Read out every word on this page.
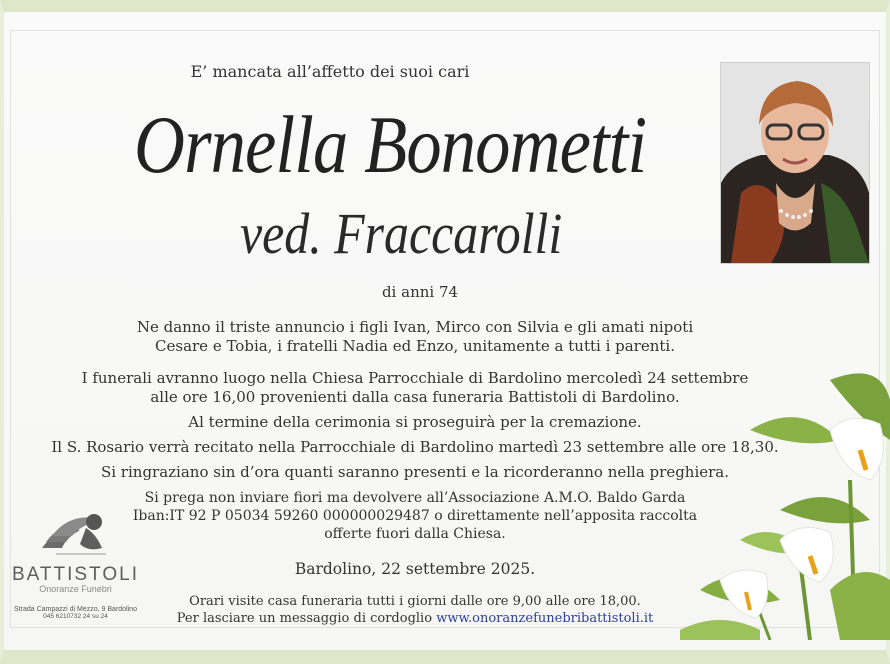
E’ mancata all’affetto dei suoi cari
Ornella Bonometti
ved. Fraccarolli
di anni 74
Ne danno il triste annuncio i figli Ivan, Mirco con Silvia e gli amati nipoti
Cesare e Tobia, i fratelli Nadia ed Enzo, unitamente a tutti i parenti.
I funerali avranno luogo nella Chiesa Parrocchiale di Bardolino mercoledì 24 settembre
alle ore 16,00 provenienti dalla casa funeraria Battistoli di Bardolino.
Al termine della cerimonia si proseguirà per la cremazione.
Il S. Rosario verrà recitato nella Parrocchiale di Bardolino martedì 23 settembre alle ore 18,30.
Si ringraziano sin d’ora quanti saranno presenti e la ricorderanno nella preghiera.
Si prega non inviare fiori ma devolvere all’Associazione A.M.O. Baldo Garda
Iban:IT 92 P 05034 59260 000000029487 o direttamente nell’apposita raccolta
offerte fuori dalla Chiesa.
Bardolino, 22 settembre 2025.
Orari visite casa funeraria tutti i giorni dalle ore 9,00 alle ore 18,00.
Per lasciare un messaggio di cordoglio www.onoranzefunebribattistoli.it
BATTISTOLI
Onoranze Funebri
Strada Campazzi di Mezzo, 9 Bardolino
045 6210732 24 su 24
